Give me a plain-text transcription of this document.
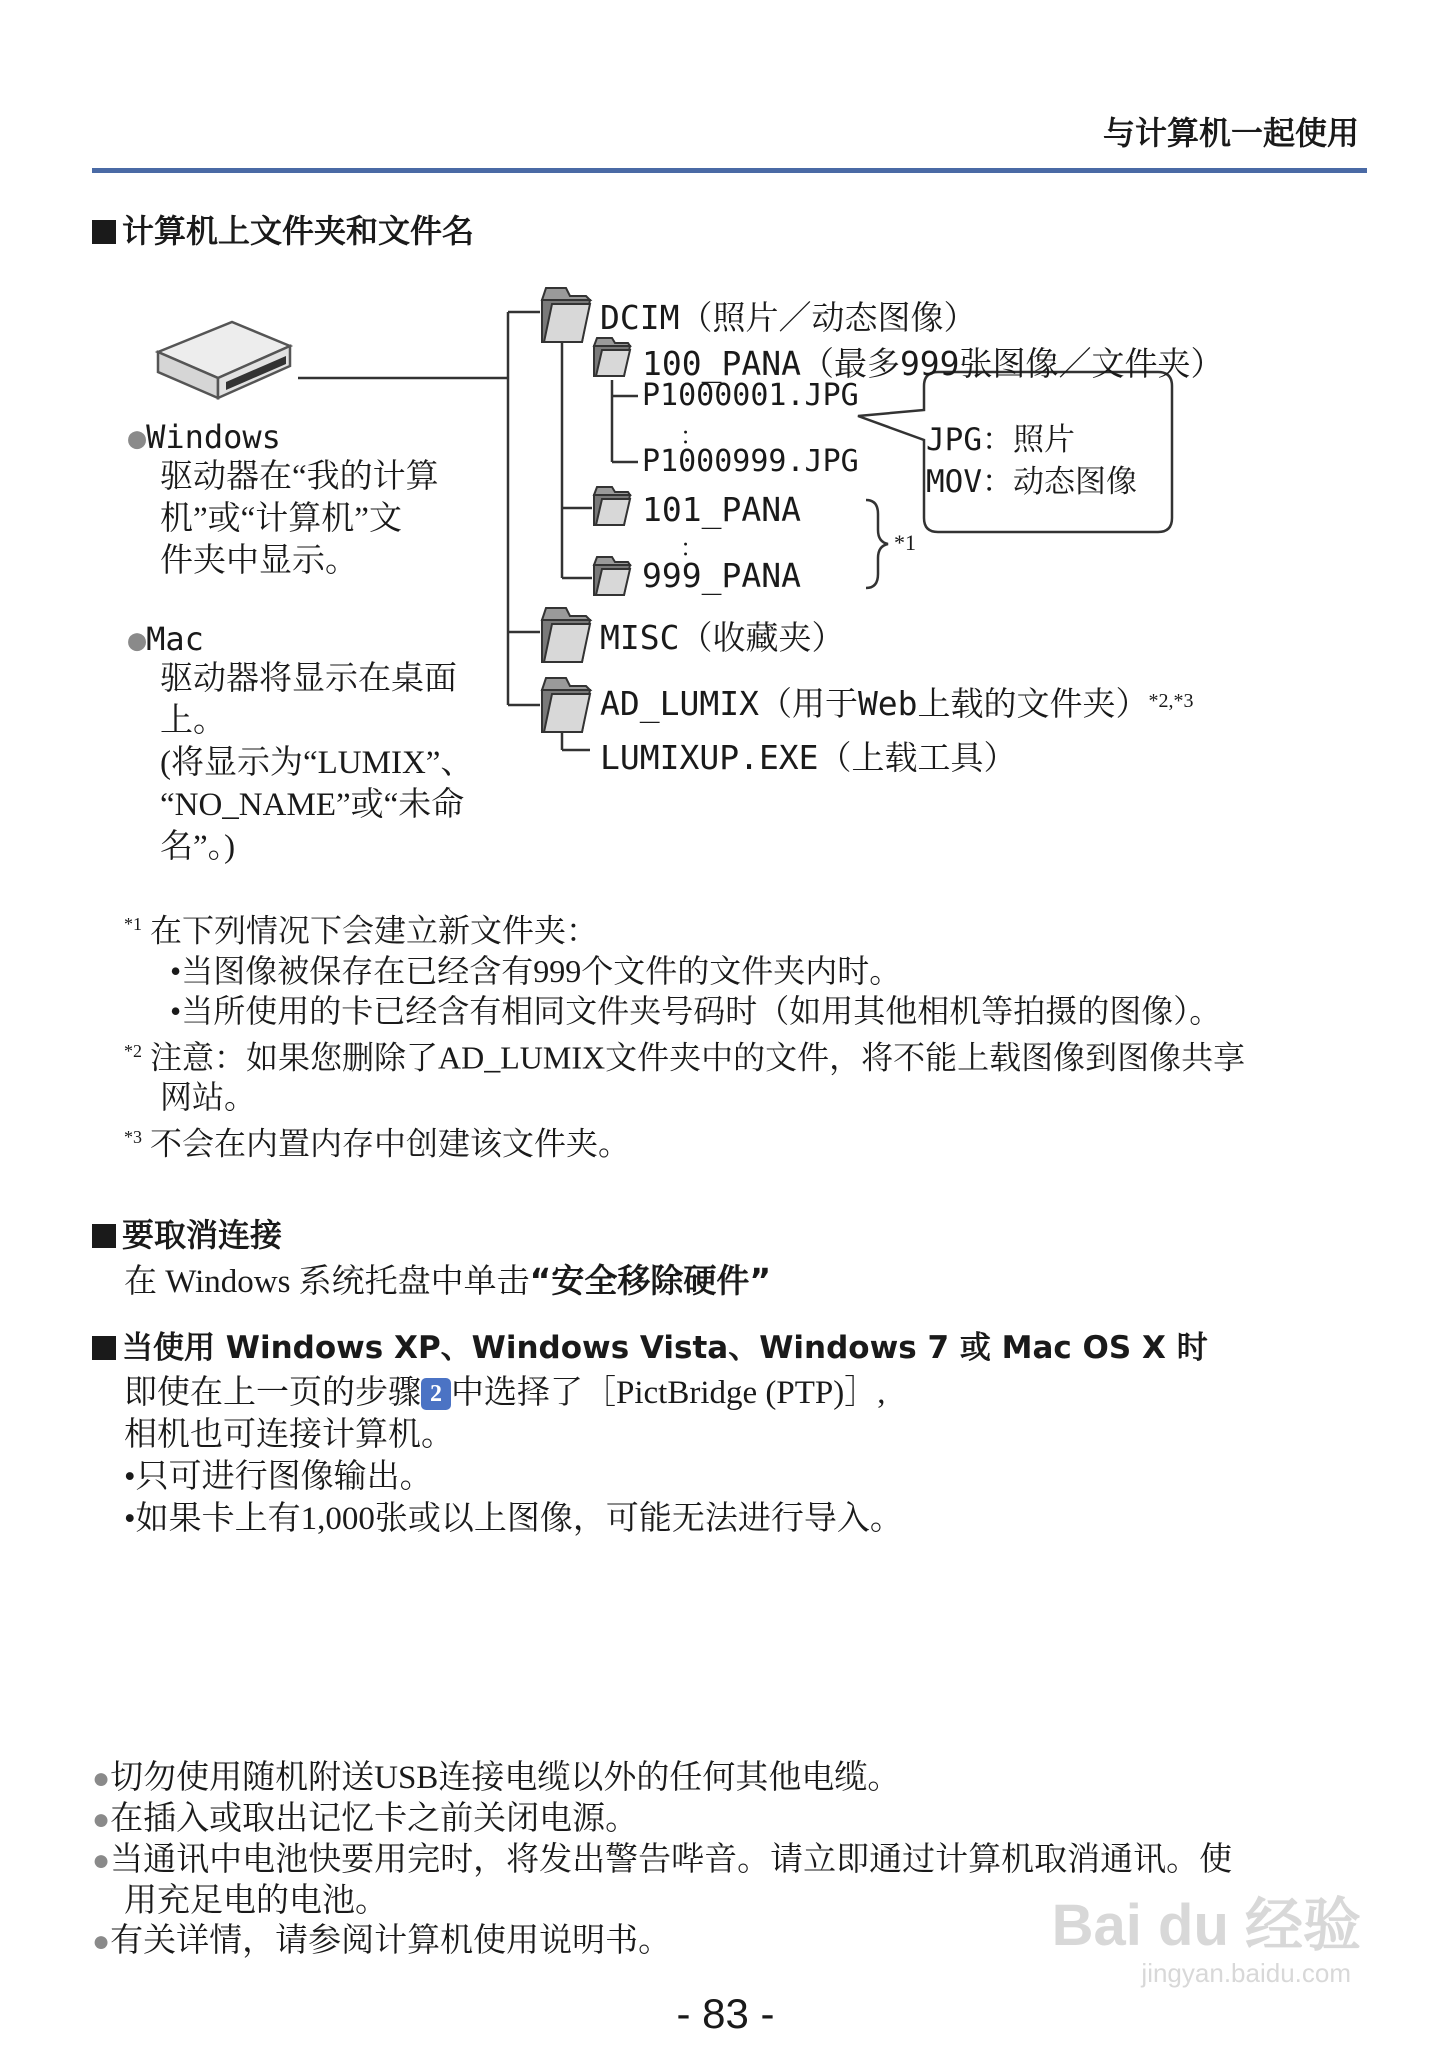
与计算机一起使用
计算机上文件夹和文件名
●Windows
驱动器在“我的计算
机”或“计算机”文
件夹中显示。
●Mac
驱动器将显示在桌面
上。
(将显示为“LUMIX”、
“NO_NAME”或“未命
名”。)
DCIM（照片／动态图像）
100_PANA（最多999张图像／文件夹）
P1000001.JPG
：
P1000999.JPG
101_PANA
：
999_PANA
*1
MISC（收藏夹）
AD_LUMIX（用于Web上载的文件夹）$^{*2,*3}$
LUMIXUP.EXE（上载工具）
JPG：照片
MOV：动态图像
$^{*1}$ 在下列情况下会建立新文件夹：
•当图像被保存在已经含有999个文件的文件夹内时。
•当所使用的卡已经含有相同文件夹号码时（如用其他相机等拍摄的图像）。
$^{*2}$ 注意：如果您删除了AD_LUMIX文件夹中的文件，将不能上载图像到图像共享
网站。
$^{*3}$ 不会在内置内存中创建该文件夹。
要取消连接
在 Windows 系统托盘中单击“安全移除硬件”
当使用 Windows XP、Windows Vista、Windows 7 或 Mac OS X 时
即使在上一页的步骤 2 中选择了［PictBridge (PTP)］,
相机也可连接计算机。
•只可进行图像输出。
•如果卡上有1,000张或以上图像，可能无法进行导入。
●切勿使用随机附送USB连接电缆以外的任何其他电缆。
●在插入或取出记忆卡之前关闭电源。
●当通讯中电池快要用完时，将发出警告哔音。请立即通过计算机取消通讯。使
用充足电的电池。
●有关详情，请参阅计算机使用说明书。	Bai du 经验
jingyan.baidu.com
- 83 -
